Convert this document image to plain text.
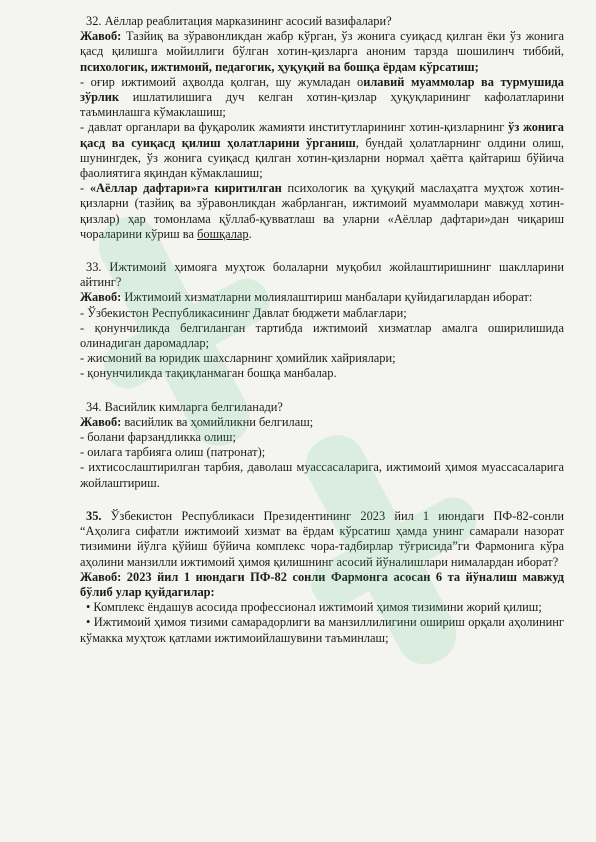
32. Аёллар реаблитация марказининг асосий вазифалари?

Жавоб: Тазйиқ ва зўравонликдан жабр кўрган, ўз жонига суиқасд қилган ёки ўз жонига қасд қилишга мойиллиги бўлган хотин-қизларга аноним тарзда шошилинч тиббий, психологик, ижтимоий, педагогик, ҳуқуқий ва бошқа ёрдам кўрсатиш;

- оғир ижтимоий аҳволда қолган, шу жумладан оилавий муаммолар ва турмушида зўрлик ишлатилишига дуч келган хотин-қизлар ҳуқуқларининг кафолатларини таъминлашга кўмаклашиш;

- давлат органлари ва фуқаролик жамияти институтларининг хотин-қизларнинг ўз жонига қасд ва суиқасд қилиш ҳолатларини ўрганиш, бундай ҳолатларнинг олдини олиш, шунингдек, ўз жонига суиқасд қилган хотин-қизларни нормал ҳаётга қайтариш бўйича фаолиятига яқиндан кўмаклашиш;

- «Аёллар дафтари»га киритилган психологик ва ҳуқуқий маслаҳатга муҳтож хотин-қизларни (тазйиқ ва зўравонликдан жабрланган, ижтимоий муаммолари мавжуд хотин-қизлар) ҳар томонлама қўллаб-қувватлаш ва уларни «Аёллар дафтари»дан чиқариш чораларини кўриш ва бошқалар.

33. Ижтимоий ҳимояга муҳтож болаларни муқобил жойлаштиришнинг шаклларини айтинг?

Жавоб: Ижтимоий хизматларни молиялаштириш манбалари қуйидагилардан иборат:

- Ўзбекистон Республикасининг Давлат бюджети маблағлари;

- қонунчиликда белгиланган тартибда ижтимоий хизматлар амалга оширилишида олинадиган даромадлар;

- жисмоний ва юридик шахсларнинг ҳомийлик хайриялари;

- қонунчиликда тақиқланмаган бошқа манбалар.

34. Васийлик кимларга белгиланади?

Жавоб: васийлик ва ҳомийликни белгилаш;

- болани фарзандликка олиш;

- оилага тарбияга олиш (патронат);

- ихтисослаштирилган тарбия, даволаш муассасаларига, ижтимоий ҳимоя муассасаларига жойлаштириш.

35. Ўзбекистон Республикаси Президентининг 2023 йил 1 июндаги ПФ-82-сонли “Аҳолига сифатли ижтимоий хизмат ва ёрдам кўрсатиш ҳамда унинг самарали назорат тизимини йўлга қўйиш бўйича комплекс чора-тадбирлар тўғрисида”ги Фармонига кўра аҳолини манзилли ижтимоий ҳимоя қилишнинг асосий йўналишлари нималардан иборат?

Жавоб: 2023 йил 1 июндаги ПФ-82 сонли Фармонга асосан 6 та йўналиш мавжуд бўлиб улар қуйдагилар:

• Комплекс ёндашув асосида профессионал ижтимоий ҳимоя тизимини жорий қилиш;

• Ижтимоий ҳимоя тизими самарадорлиги ва манзиллилигини ошириш орқали аҳолининг кўмакка муҳтож қатлами ижтимоийлашувини таъминлаш;
